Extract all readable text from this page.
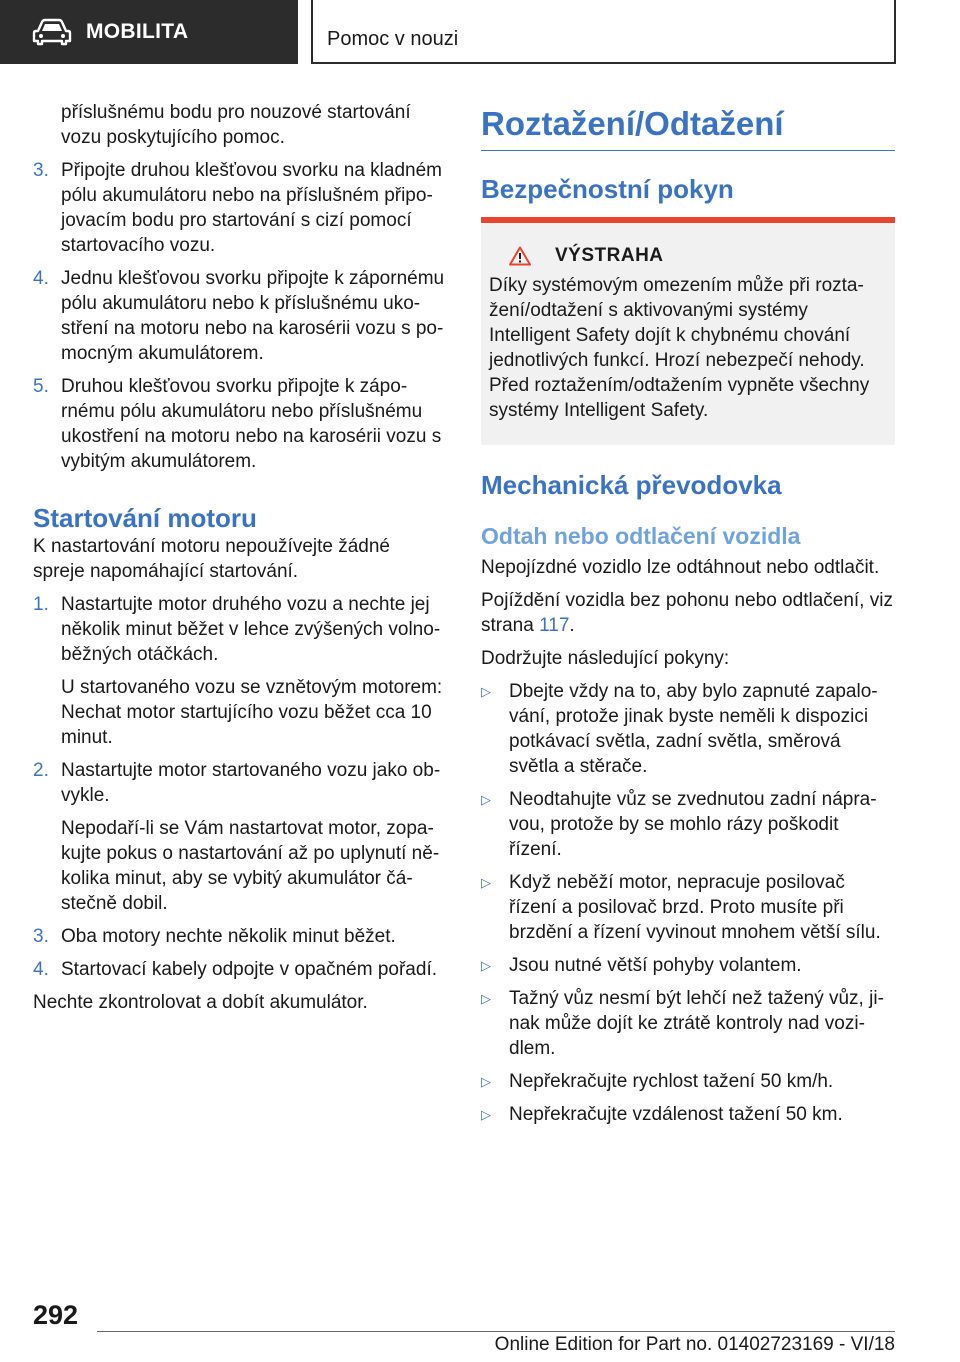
MOBILITA	Pomoc v nouzi

příslušnému bodu pro nouzové startování vozu poskytujícího pomoc.

3. Připojte druhou klešťovou svorku na kladném pólu akumulátoru nebo na příslušném připojovacím bodu pro startování s cizí pomocí startovacího vozu.
4. Jednu klešťovou svorku připojte k zápornému pólu akumulátoru nebo k příslušnému ukostření na motoru nebo na karosérii vozu s pomocným akumulátorem.
5. Druhou klešťovou svorku připojte k zápornému pólu akumulátoru nebo příslušnému ukostření na motoru nebo na karosérii vozu s vybitým akumulátorem.
Startování motoru

K nastartování motoru nepoužívejte žádné spreje napomáhající startování.

1. Nastartujte motor druhého vozu a nechte jej několik minut běžet v lehce zvýšených volnoběžných otáčkách.
U startovaného vozu se vznětovým motorem: Nechat motor startujícího vozu běžet cca 10 minut.
2. Nastartujte motor startovaného vozu jako obvykle.
Nepodaří-li se Vám nastartovat motor, zopakujte pokus o nastartování až po uplynutí několika minut, aby se vybitý akumulátor částečně dobil.
3. Oba motory nechte několik minut běžet.
4. Startovací kabely odpojte v opačném pořadí.

Nechte zkontrolovat a dobít akumulátor.

Roztažení/Odtažení
Bezpečnostní pokyn
VÝSTRAHA

Díky systémovým omezením může při roztažení/odtažení s aktivovanými systémy Intelligent Safety dojít k chybnému chování jednotlivých funkcí. Hrozí nebezpečí nehody. Před roztažením/odtažením vypněte všechny systémy Intelligent Safety.

Mechanická převodovka
Odtah nebo odtlačení vozidla

Nepojízdné vozidlo lze odtáhnout nebo odtlačit.

Pojíždění vozidla bez pohonu nebo odtlačení, viz strana 117.

Dodržujte následující pokyny:

▷ Dbejte vždy na to, aby bylo zapnuté zapalování, protože jinak byste neměli k dispozici potkávací světla, zadní světla, směrová světla a stěrače.
▷ Neodtahujte vůz se zvednutou zadní nápravou, protože by se mohlo rázy poškodit řízení.
▷ Když neběží motor, nepracuje posilovač řízení a posilovač brzd. Proto musíte při brzdění a řízení vyvinout mnohem větší sílu.
▷ Jsou nutné větší pohyby volantem.
▷ Tažný vůz nesmí být lehčí než tažený vůz, jinak může dojít ke ztrátě kontroly nad vozidlem.
▷ Nepřekračujte rychlost tažení 50 km/h.
▷ Nepřekračujte vzdálenost tažení 50 km.
292
Online Edition for Part no. 01402723169 - VI/18
